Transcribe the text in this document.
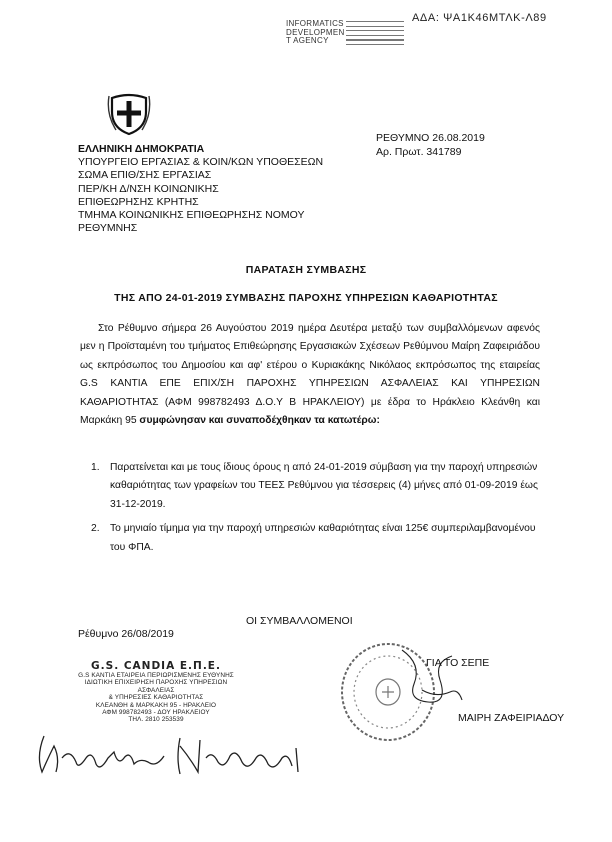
ΑΔΑ: ΨΑ1Κ46ΜΤΛΚ-Λ89
INFORMATICS
DEVELOPMEN
T AGENCY
ΕΛΛΗΝΙΚΗ ΔΗΜΟΚΡΑΤΙΑ
ΥΠΟΥΡΓΕΙΟ ΕΡΓΑΣΙΑΣ & ΚΟΙΝ/ΚΩΝ ΥΠΟΘΕΣΕΩΝ
ΣΩΜΑ ΕΠΙΘ/ΣΗΣ ΕΡΓΑΣΙΑΣ
ΠΕΡ/ΚΗ Δ/ΝΣΗ ΚΟΙΝΩΝΙΚΗΣ
ΕΠΙΘΕΩΡΗΣΗΣ ΚΡΗΤΗΣ
ΤΜΗΜΑ ΚΟΙΝΩΝΙΚΗΣ ΕΠΙΘΕΩΡΗΣΗΣ ΝΟΜΟΥ
ΡΕΘΥΜΝΗΣ
ΡΕΘΥΜΝΟ 26.08.2019
Αρ. Πρωτ. 341789
ΠΑΡΑΤΑΣΗ ΣΥΜΒΑΣΗΣ
ΤΗΣ ΑΠΟ 24-01-2019 ΣΥΜΒΑΣΗΣ ΠΑΡΟΧΗΣ ΥΠΗΡΕΣΙΩΝ ΚΑΘΑΡΙΟΤΗΤΑΣ

Στο Ρέθυμνο σήμερα 26 Αυγούστου 2019 ημέρα Δευτέρα μεταξύ των συμβαλλόμενων αφενός μεν η Προϊσταμένη του τμήματος Επιθεώρησης Εργασιακών Σχέσεων Ρεθύμνου Μαίρη Ζαφειριάδου ως εκπρόσωπος του Δημοσίου και αφ' ετέρου ο Κυριακάκης Νικόλαος εκπρόσωπος της εταιρείας G.S ΚΑΝΤΙΑ ΕΠΕ ΕΠΙΧ/ΣΗ ΠΑΡΟΧΗΣ ΥΠΗΡΕΣΙΩΝ ΑΣΦΑΛΕΙΑΣ ΚΑΙ ΥΠΗΡΕΣΙΩΝ ΚΑΘΑΡΙΟΤΗΤΑΣ (ΑΦΜ 998782493 Δ.Ο.Υ Β ΗΡΑΚΛΕΙΟΥ) με έδρα το Ηράκλειο Κλεάνθη και Μαρκάκη 95 συμφώνησαν και συναποδέχθηκαν τα κατωτέρω:

1. Παρατείνεται και με τους ίδιους όρους η από 24-01-2019 σύμβαση για την παροχή υπηρεσιών καθαριότητας των γραφείων του ΤΕΕΣ Ρεθύμνου για τέσσερεις (4) μήνες από 01-09-2019 έως 31-12-2019.
2. Το μηνιαίο τίμημα για την παροχή υπηρεσιών καθαριότητας είναι 125€ συμπεριλαμβανομένου του ΦΠΑ.
ΟΙ ΣΥΜΒΑΛΛΟΜΕΝΟΙ
Ρέθυμνο 26/08/2019
G.S. CANDIA E.Π.Ε.
G.S ΚΑΝΤΙΑ ΕΤΑΙΡΕΙΑ ΠΕΡΙΩΡΙΣΜΕΝΗΣ ΕΥΘΥΝΗΣ
ΙΔΙΩΤΙΚΗ ΕΠΙΧΕΙΡΗΣΗ ΠΑΡΟΧΗΣ ΥΠΗΡΕΣΙΩΝ ΑΣΦΑΛΕΙΑΣ
& ΥΠΗΡΕΣΙΕΣ ΚΑΘΑΡΙΟΤΗΤΑΣ
ΚΛΕΑΝΘΗ & ΜΑΡΚΑΚΗ 95 - ΗΡΑΚΛΕΙΟ
ΑΦΜ 998782493 - ΔΟΥ ΗΡΑΚΛΕΙΟΥ
ΤΗΛ. 2810 253539
ΓΙΑ ΤΟ ΣΕΠΕ
ΜΑΙΡΗ ΖΑΦΕΙΡΙΑΔΟΥ
